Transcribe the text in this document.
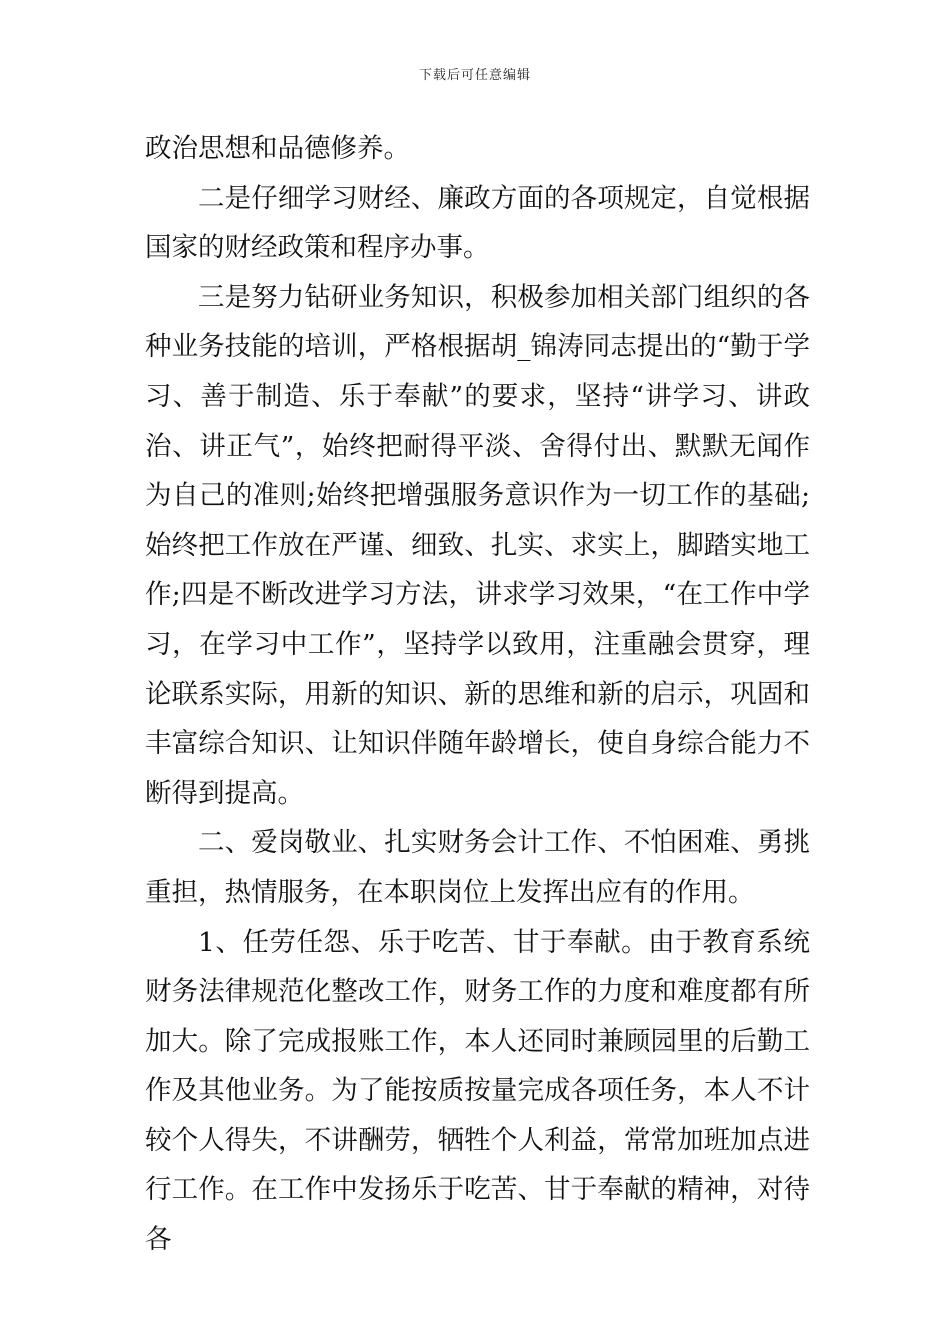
下载后可任意编辑

政治思想和品德修养。

二是仔细学习财经、廉政方面的各项规定，自觉根据国家的财经政策和程序办事。

三是努力钻研业务知识，积极参加相关部门组织的各种业务技能的培训，严格根据胡_锦涛同志提出的“勤于学习、善于制造、乐于奉献”的要求，坚持“讲学习、讲政治、讲正气”，始终把耐得平淡、舍得付出、默默无闻作为自己的准则;始终把增强服务意识作为一切工作的基础;始终把工作放在严谨、细致、扎实、求实上，脚踏实地工作;四是不断改进学习方法，讲求学习效果，“在工作中学习，在学习中工作”，坚持学以致用，注重融会贯穿，理论联系实际，用新的知识、新的思维和新的启示，巩固和丰富综合知识、让知识伴随年龄增长，使自身综合能力不断得到提高。

二、爱岗敬业、扎实财务会计工作、不怕困难、勇挑重担，热情服务，在本职岗位上发挥出应有的作用。

1、任劳任怨、乐于吃苦、甘于奉献。由于教育系统财务法律规范化整改工作，财务工作的力度和难度都有所加大。除了完成报账工作，本人还同时兼顾园里的后勤工作及其他业务。为了能按质按量完成各项任务，本人不计较个人得失，不讲酬劳，牺牲个人利益，常常加班加点进行工作。在工作中发扬乐于吃苦、甘于奉献的精神，对待各
